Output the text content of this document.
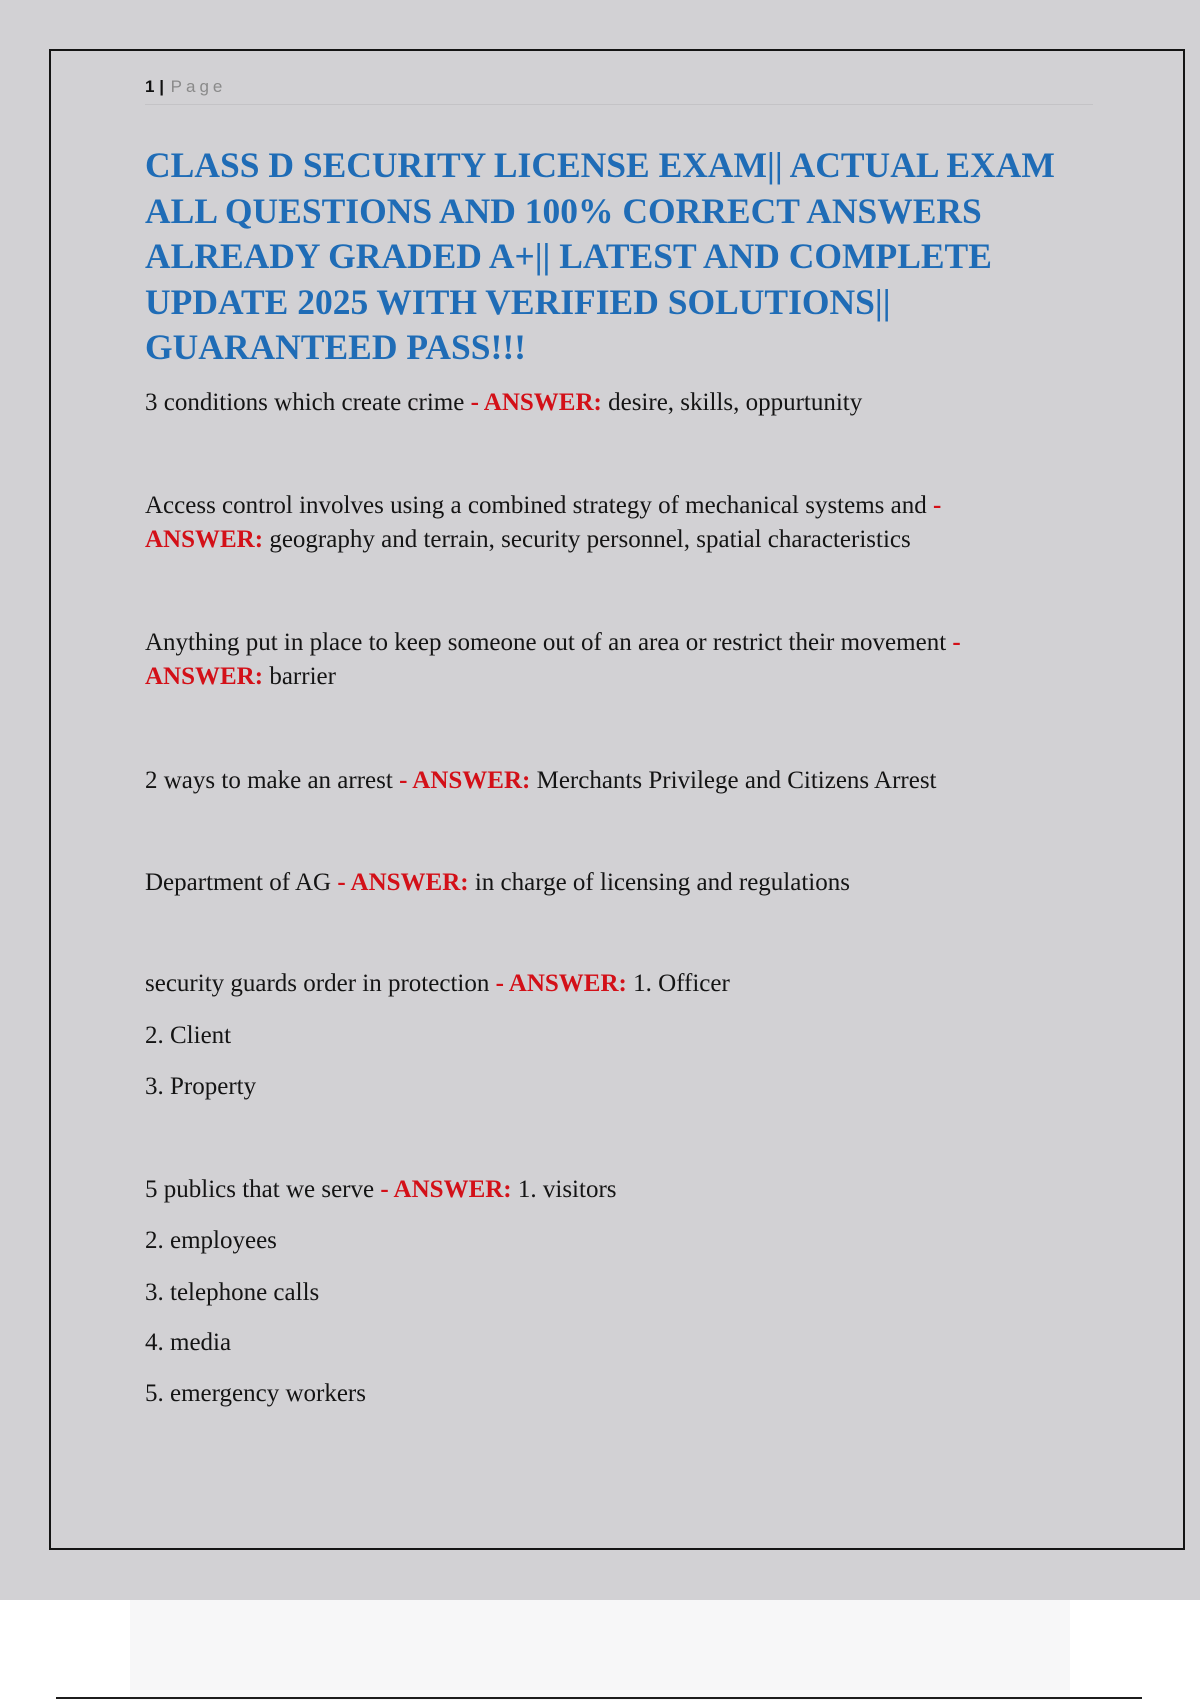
1 | Page
CLASS D SECURITY LICENSE EXAM|| ACTUAL EXAM
ALL QUESTIONS AND 100% CORRECT ANSWERS
ALREADY GRADED A+|| LATEST AND COMPLETE
UPDATE 2025 WITH VERIFIED SOLUTIONS||
GUARANTEED PASS!!!
3 conditions which create crime - ANSWER: desire, skills, oppurtunity
Access control involves using a combined strategy of mechanical systems and -
ANSWER: geography and terrain, security personnel, spatial characteristics
Anything put in place to keep someone out of an area or restrict their movement -
ANSWER: barrier
2 ways to make an arrest - ANSWER: Merchants Privilege and Citizens Arrest
Department of AG - ANSWER: in charge of licensing and regulations
security guards order in protection - ANSWER: 1. Officer
2. Client
3. Property
5 publics that we serve - ANSWER: 1. visitors
2. employees
3. telephone calls
4. media
5. emergency workers
